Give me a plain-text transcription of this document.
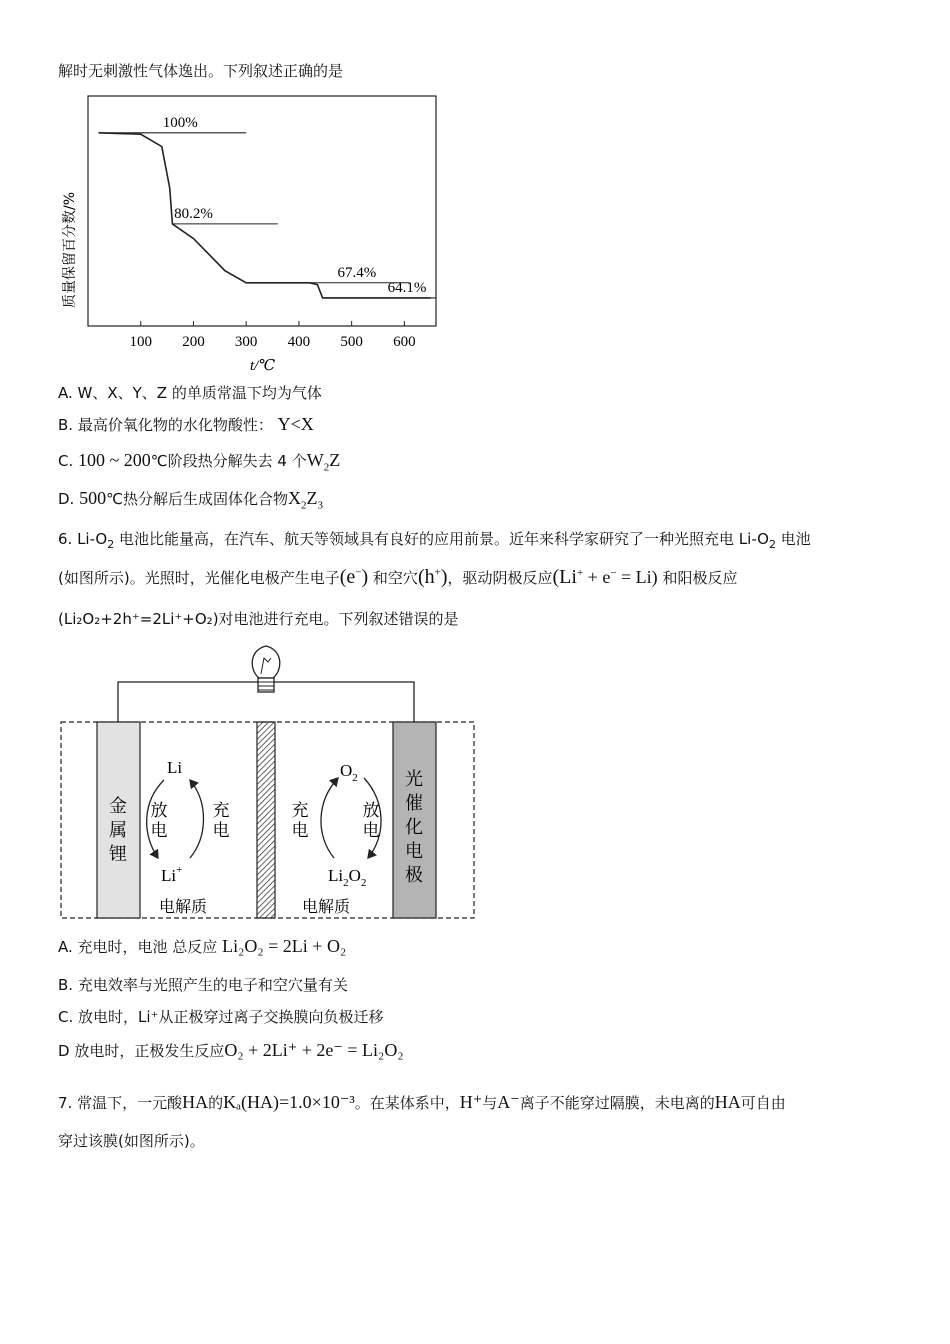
解时无刺激性气体逸出。下列叙述正确的是
质量保留百分数/%
100 200 300 400 500 600
100%
80.2%
67.4%
64.1%
t/℃
A. W、X、Y、Z 的单质常温下均为气体
B. 最高价氧化物的水化物酸性： Y<X
C. 100 ~ 200℃阶段热分解失去 4 个$W_2Z$
D. 500℃热分解后生成固体化合物$X_2Z_3$
6. $Li-O_2$ 电池比能量高，在汽车、航天等领域具有良好的应用前景。近年来科学家研究了一种光照充电 $Li-O_2$ 电池
(如图所示)。光照时，光催化电极产生电子(e−) 和空穴(h+)，驱动阴极反应(Li+ + e− = Li) 和阳极反应
(Li₂O₂+2h⁺=2Li⁺+O₂)对电池进行充电。下列叙述错误的是
金
属
锂
光
催
化
电
极
Li
Li+
放
电
充
电
$O_2$
$Li_2O_2$
充
电
放
电
电解质	电解质
A. 充电时，电池 总反应 Li₂O₂ = 2Li + O₂
B. 充电效率与光照产生的电子和空穴量有关
C. 放电时，Li⁺从正极穿过离子交换膜向负极迁移
D 放电时，正极发生反应O₂ + 2Li⁺ + 2e⁻ = Li₂O₂
7. 常温下，一元酸HA的Kₐ(HA)=1.0×10⁻³。在某体系中，H⁺与A⁻离子不能穿过隔膜，未电离的HA可自由
穿过该膜(如图所示)。
